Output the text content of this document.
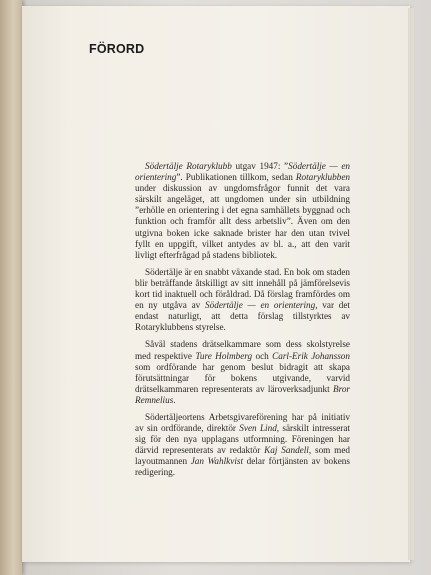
FÖRORD

Södertälje Rotaryklubb utgav 1947: ”Södertälje — en orientering”. Publikationen tillkom, sedan Rotaryklubben under diskussion av ungdomsfrågor funnit det vara särskilt angeläget, att ungdomen under sin utbildning ”erhölle en orientering i det egna samhällets byggnad och funktion och framför allt dess arbetsliv”. Även om den utgivna boken icke saknade brister har den utan tvivel fyllt en uppgift, vilket antydes av bl. a., att den varit livligt efterfrågad på stadens bibliotek.

Södertälje är en snabbt växande stad. En bok om staden blir beträffande åtskilligt av sitt innehåll på jämförelsevis kort tid inaktuell och föråldrad. Då förslag framfördes om en ny utgåva av Södertälje — en orientering, var det endast naturligt, att detta förslag tillstyrktes av Rotaryklubbens styrelse.

Såväl stadens drätselkammare som dess skolstyrelse med respektive Ture Holmberg och Carl-Erik Johansson som ordförande har genom beslut bidragit att skapa förutsättningar för bokens utgivande, varvid drätselkammaren representerats av läroverksadjunkt Bror Remnelius.

Södertäljeortens Arbetsgivareförening har på initiativ av sin ordförande, direktör Sven Lind, särskilt intresserat sig för den nya upplagans utformning. Föreningen har därvid representerats av redaktör Kaj Sandell, som med layoutmannen Jan Wahlkvist delar förtjänsten av bokens redigering.
